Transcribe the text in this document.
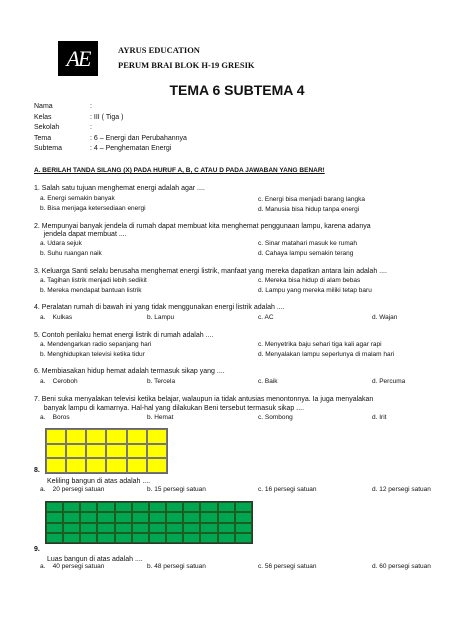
AE	AYRUS EDUCATION
PERUM BRAI BLOK H-19 GRESIK
TEMA 6 SUBTEMA 4
Nama	:
Kelas	: III ( Tiga )
Sekolah	:
Tema	: 6 – Energi dan Perubahannya
Subtema	: 4 – Penghematan Energi
A. BERILAH TANDA SILANG (X) PADA HURUF A, B, C ATAU D PADA JAWABAN YANG BENAR!
1. Salah satu tujuan menghemat energi adalah agar ....
a. Energi semakin banyak
b. Bisa menjaga ketersediaan energi
c. Energi bisa menjadi barang langka
d. Manusia bisa hidup tanpa energi
2. Mempunyai banyak jendela di rumah dapat membuat kita menghemat penggunaan lampu, karena adanya
jendela dapat membuat ....
a. Udara sejuk
b. Suhu ruangan naik
c. Sinar matahari masuk ke rumah
d. Cahaya lampu semakin terang
3. Keluarga Santi selalu berusaha menghemat energi listrik, manfaat yang mereka dapatkan antara lain adalah ....
a. Tagihan listrik menjadi lebih sedikit
b. Mereka mendapat bantuan listrik
c. Mereka bisa hidup di alam bebas
d. Lampu yang mereka miliki tetap baru
4. Peralatan rumah di bawah ini yang tidak menggunakan energi listrik adalah ....
a.    Kulkas	b. Lampu	c. AC	d. Wajan
5. Contoh perilaku hemat energi listrik di rumah adalah ....
a. Mendengarkan radio sepanjang hari
b. Menghidupkan televisi ketika tidur
c. Menyetrika baju sehari tiga kali agar rapi
d. Menyalakan lampu seperlunya di malam hari
6. Membiasakan hidup hemat adalah termasuk sikap yang ....
a.    Ceroboh	b. Tercela	c. Baik	d. Percuma
7. Beni suka menyalakan televisi ketika belajar, walaupun ia tidak antusias menontonnya. Ia juga menyalakan
banyak lampu di kamarnya. Hal-hal yang dilakukan Beni tersebut termasuk sikap ....
a.    Boros	b. Hemat	c. Sombong	d. Irit
8.
Keliling bangun di atas adalah ....
a.    20 persegi satuan	b. 15 persegi satuan	c. 16 persegi satuan	d. 12 persegi satuan
9.
Luas bangun di atas adalah ....
a.    40 persegi satuan	b. 48 persegi satuan	c. 56 persegi satuan	d. 60 persegi satuan
